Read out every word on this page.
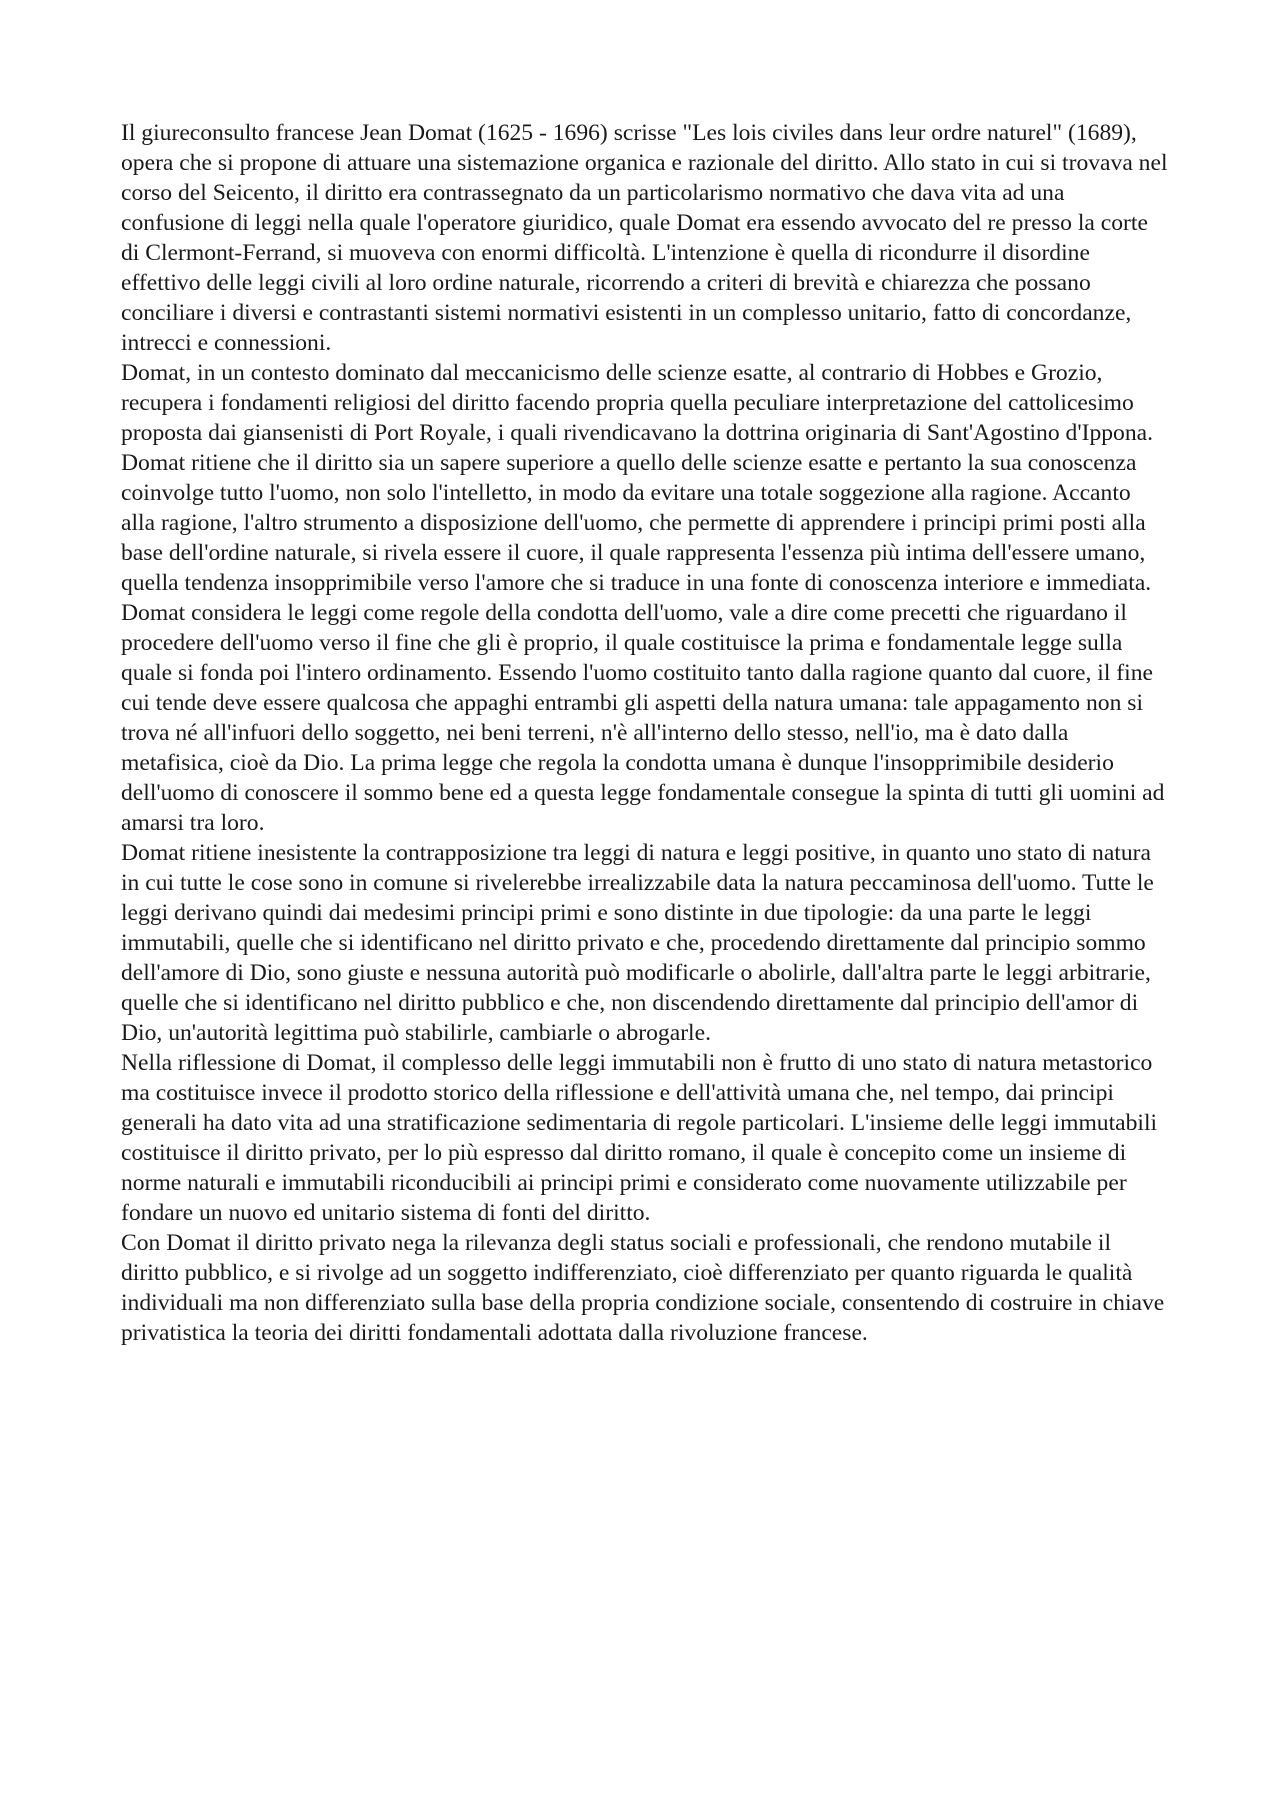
Il giureconsulto francese Jean Domat (1625 - 1696) scrisse "Les lois civiles dans leur ordre naturel" (1689), opera che si propone di attuare una sistemazione organica e razionale del diritto. Allo stato in cui si trovava nel corso del Seicento, il diritto era contrassegnato da un particolarismo normativo che dava vita ad una confusione di leggi nella quale l'operatore giuridico, quale Domat era essendo avvocato del re presso la corte di Clermont-Ferrand, si muoveva con enormi difficoltà. L'intenzione è quella di ricondurre il disordine effettivo delle leggi civili al loro ordine naturale, ricorrendo a criteri di brevità e chiarezza che possano conciliare i diversi e contrastanti sistemi normativi esistenti in un complesso unitario, fatto di concordanze, intrecci e connessioni.

Domat, in un contesto dominato dal meccanicismo delle scienze esatte, al contrario di Hobbes e Grozio, recupera i fondamenti religiosi del diritto facendo propria quella peculiare interpretazione del cattolicesimo proposta dai giansenisti di Port Royale, i quali rivendicavano la dottrina originaria di Sant'Agostino d'Ippona. Domat ritiene che il diritto sia un sapere superiore a quello delle scienze esatte e pertanto la sua conoscenza coinvolge tutto l'uomo, non solo l'intelletto, in modo da evitare una totale soggezione alla ragione. Accanto alla ragione, l'altro strumento a disposizione dell'uomo, che permette di apprendere i principi primi posti alla base dell'ordine naturale, si rivela essere il cuore, il quale rappresenta l'essenza più intima dell'essere umano, quella tendenza insopprimibile verso l'amore che si traduce in una fonte di conoscenza interiore e immediata.

Domat considera le leggi come regole della condotta dell'uomo, vale a dire come precetti che riguardano il procedere dell'uomo verso il fine che gli è proprio, il quale costituisce la prima e fondamentale legge sulla quale si fonda poi l'intero ordinamento. Essendo l'uomo costituito tanto dalla ragione quanto dal cuore, il fine cui tende deve essere qualcosa che appaghi entrambi gli aspetti della natura umana: tale appagamento non si trova né all'infuori dello soggetto, nei beni terreni, n'è all'interno dello stesso, nell'io, ma è dato dalla metafisica, cioè da Dio. La prima legge che regola la condotta umana è dunque l'insopprimibile desiderio dell'uomo di conoscere il sommo bene ed a questa legge fondamentale consegue la spinta di tutti gli uomini ad amarsi tra loro.

Domat ritiene inesistente la contrapposizione tra leggi di natura e leggi positive, in quanto uno stato di natura in cui tutte le cose sono in comune si rivelerebbe irrealizzabile data la natura peccaminosa dell'uomo. Tutte le leggi derivano quindi dai medesimi principi primi e sono distinte in due tipologie: da una parte le leggi immutabili, quelle che si identificano nel diritto privato e che, procedendo direttamente dal principio sommo dell'amore di Dio, sono giuste e nessuna autorità può modificarle o abolirle, dall'altra parte le leggi arbitrarie, quelle che si identificano nel diritto pubblico e che, non discendendo direttamente dal principio dell'amor di Dio, un'autorità legittima può stabilirle, cambiarle o abrogarle.

Nella riflessione di Domat, il complesso delle leggi immutabili non è frutto di uno stato di natura metastorico ma costituisce invece il prodotto storico della riflessione e dell'attività umana che, nel tempo, dai principi generali ha dato vita ad una stratificazione sedimentaria di regole particolari. L'insieme delle leggi immutabili costituisce il diritto privato, per lo più espresso dal diritto romano, il quale è concepito come un insieme di norme naturali e immutabili riconducibili ai principi primi e considerato come nuovamente utilizzabile per fondare un nuovo ed unitario sistema di fonti del diritto.

Con Domat il diritto privato nega la rilevanza degli status sociali e professionali, che rendono mutabile il diritto pubblico, e si rivolge ad un soggetto indifferenziato, cioè differenziato per quanto riguarda le qualità individuali ma non differenziato sulla base della propria condizione sociale, consentendo di costruire in chiave privatistica la teoria dei diritti fondamentali adottata dalla rivoluzione francese.
